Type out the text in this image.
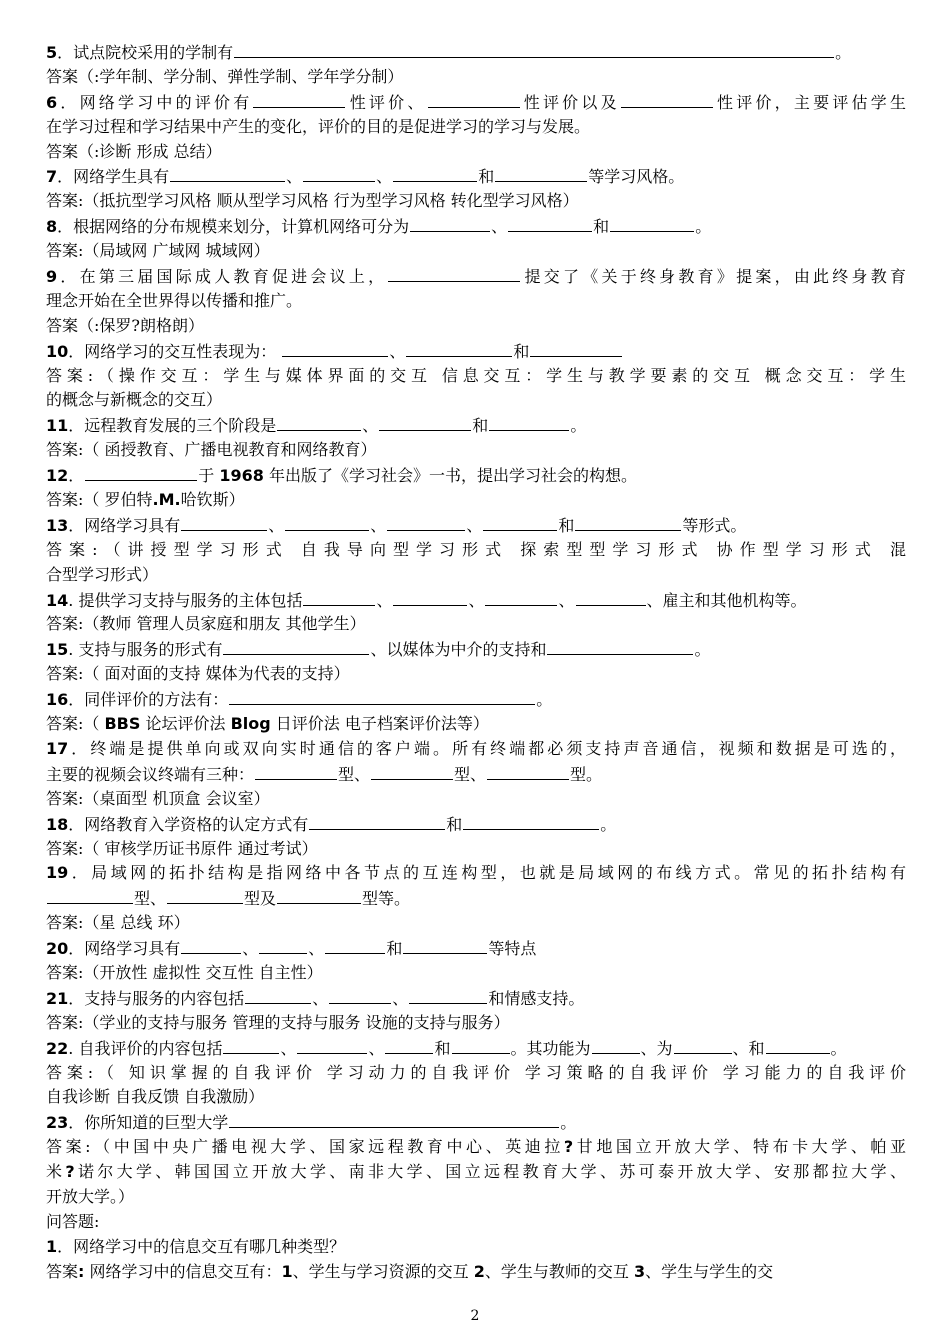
5．试点院校采用的学制有	。
答案（:学年制、学分制、弹性学制、学年学分制）
6．网络学习中的评价有	性评价、	性评价以及	性评价，主要评估学生
在学习过程和学习结果中产生的变化，评价的目的是促进学习的学习与发展。
答案（:诊断 形成 总结）
7．网络学生具有	、	、	和	等学习风格。
答案:（抵抗型学习风格 顺从型学习风格 行为型学习风格 转化型学习风格）
8．根据网络的分布规模来划分，计算机网络可分为	、	和	。
答案:（局域网 广域网 城域网）
9．在第三届国际成人教育促进会议上，	提交了《关于终身教育》提案，由此终身教育
理念开始在全世界得以传播和推广。
答案（:保罗?朗格朗）
10．网络学习的交互性表现为：	、	和
答案:（操作交互：学生与媒体界面的交互 信息交互：学生与教学要素的交互 概念交互：学生
的概念与新概念的交互）
11．远程教育发展的三个阶段是	、	和	。
答案:（ 函授教育、广播电视教育和网络教育）
12．	于 1968 年出版了《学习社会》一书，提出学习社会的构想。
答案:（ 罗伯特.M.哈钦斯）
13．网络学习具有	、	、	、	和	等形式。
答案:（讲授型学习形式 自我导向型学习形式 探索型型学习形式 协作型学习形式 混
合型学习形式）
14. 提供学习支持与服务的主体包括	、	、	、	、雇主和其他机构等。
答案:（教师 管理人员家庭和朋友 其他学生）
15. 支持与服务的形式有	、以媒体为中介的支持和	。
答案:（ 面对面的支持 媒体为代表的支持）
16．同伴评价的方法有：	。
答案:（ BBS 论坛评价法 Blog 日评价法 电子档案评价法等）
17．终端是提供单向或双向实时通信的客户端。所有终端都必须支持声音通信，视频和数据是可选的，
主要的视频会议终端有三种：	型、	型、	型。
答案:（桌面型 机顶盒 会议室）
18．网络教育入学资格的认定方式有	和	。
答案:（ 审核学历证书原件 通过考试）
19．局域网的拓扑结构是指网络中各节点的互连构型，也就是局域网的布线方式。常见的拓扑结构有
型、	型及	型等。
答案:（星 总线 环）
20．网络学习具有	、	、	和	等特点
答案:（开放性 虚拟性 交互性 自主性）
21．支持与服务的内容包括	、	、	和情感支持。
答案:（学业的支持与服务 管理的支持与服务 设施的支持与服务）
22. 自我评价的内容包括	、	、	和	。其功能为	、为	、和	。
答案:（ 知识掌握的自我评价 学习动力的自我评价 学习策略的自我评价 学习能力的自我评价
自我诊断 自我反馈 自我激励）
23．你所知道的巨型大学	。
答案:（中国中央广播电视大学、国家远程教育中心、英迪拉?甘地国立开放大学、特布卡大学、帕亚
米?诺尔大学、韩国国立开放大学、南非大学、国立远程教育大学、苏可泰开放大学、安那都拉大学、
开放大学。）
问答题:
1．网络学习中的信息交互有哪几种类型？
答案: 网络学习中的信息交互有：1、学生与学习资源的交互 2、学生与教师的交互 3、学生与学生的交
2
